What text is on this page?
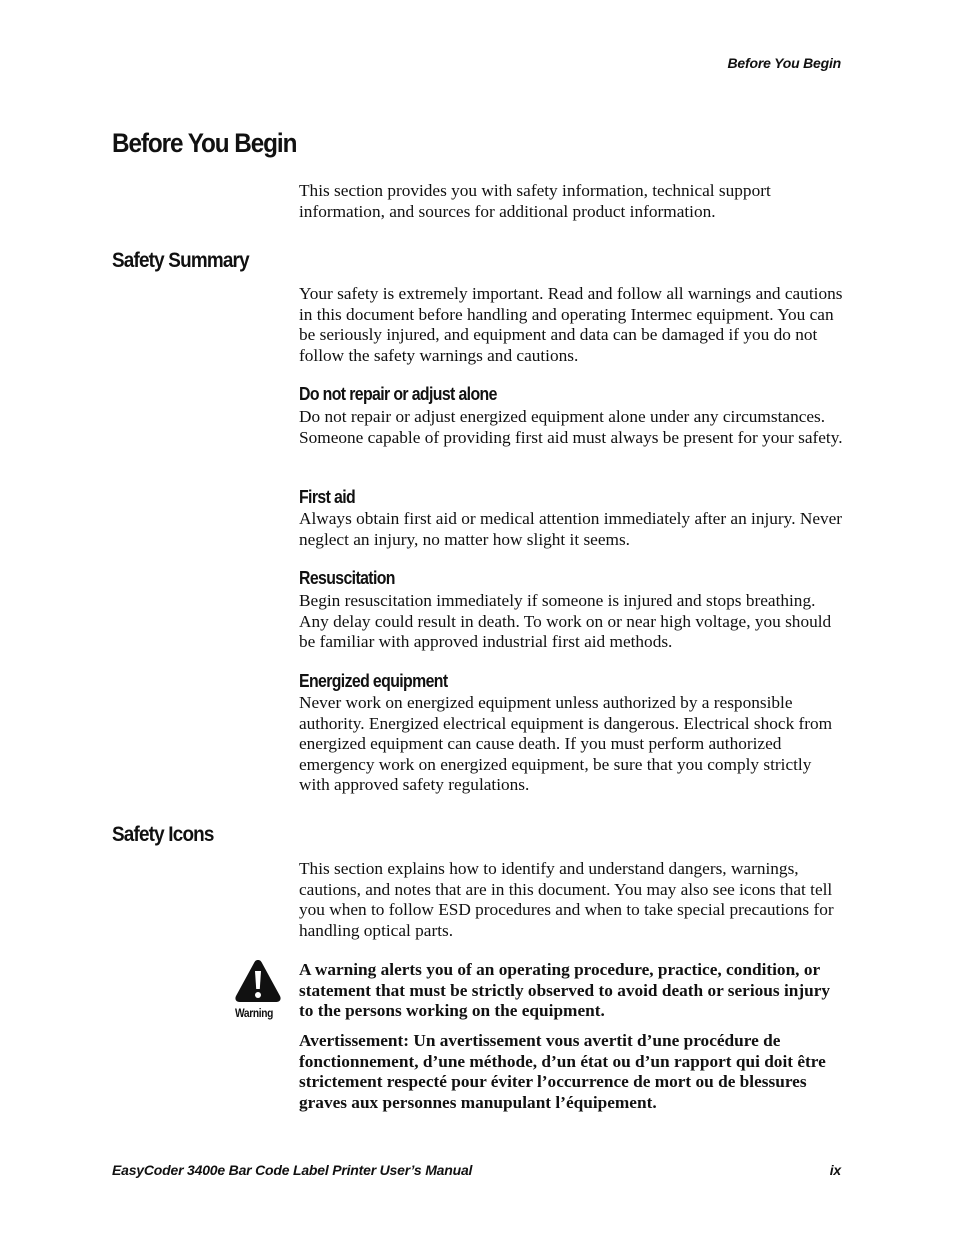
Before You Begin
Before You Begin
This section provides you with safety information, technical support information, and sources for additional product information.
Safety Summary
Your safety is extremely important. Read and follow all warnings and cautions in this document before handling and operating Intermec equipment. You can be seriously injured, and equipment and data can be damaged if you do not follow the safety warnings and cautions.
Do not repair or adjust alone
Do not repair or adjust energized equipment alone under any circumstances. Someone capable of providing first aid must always be present for your safety.
First aid
Always obtain first aid or medical attention immediately after an injury. Never neglect an injury, no matter how slight it seems.
Resuscitation
Begin resuscitation immediately if someone is injured and stops breathing. Any delay could result in death. To work on or near high voltage, you should be familiar with approved industrial first aid methods.
Energized equipment
Never work on energized equipment unless authorized by a responsible authority. Energized electrical equipment is dangerous. Electrical shock from energized equipment can cause death. If you must perform authorized emergency work on energized equipment, be sure that you comply strictly with approved safety regulations.
Safety Icons
This section explains how to identify and understand dangers, warnings, cautions, and notes that are in this document. You may also see icons that tell you when to follow ESD procedures and when to take special precautions for handling optical parts.
Warning
A warning alerts you of an operating procedure, practice, condition, or statement that must be strictly observed to avoid death or serious injury to the persons working on the equipment.
Avertissement: Un avertissement vous avertit d’une procédure de fonctionnement, d’une méthode, d’un état ou d’un rapport qui doit être strictement respecté pour éviter l’occurrence de mort ou de blessures graves aux personnes manupulant l’équipement.
EasyCoder 3400e Bar Code Label Printer User’s Manual	ix
